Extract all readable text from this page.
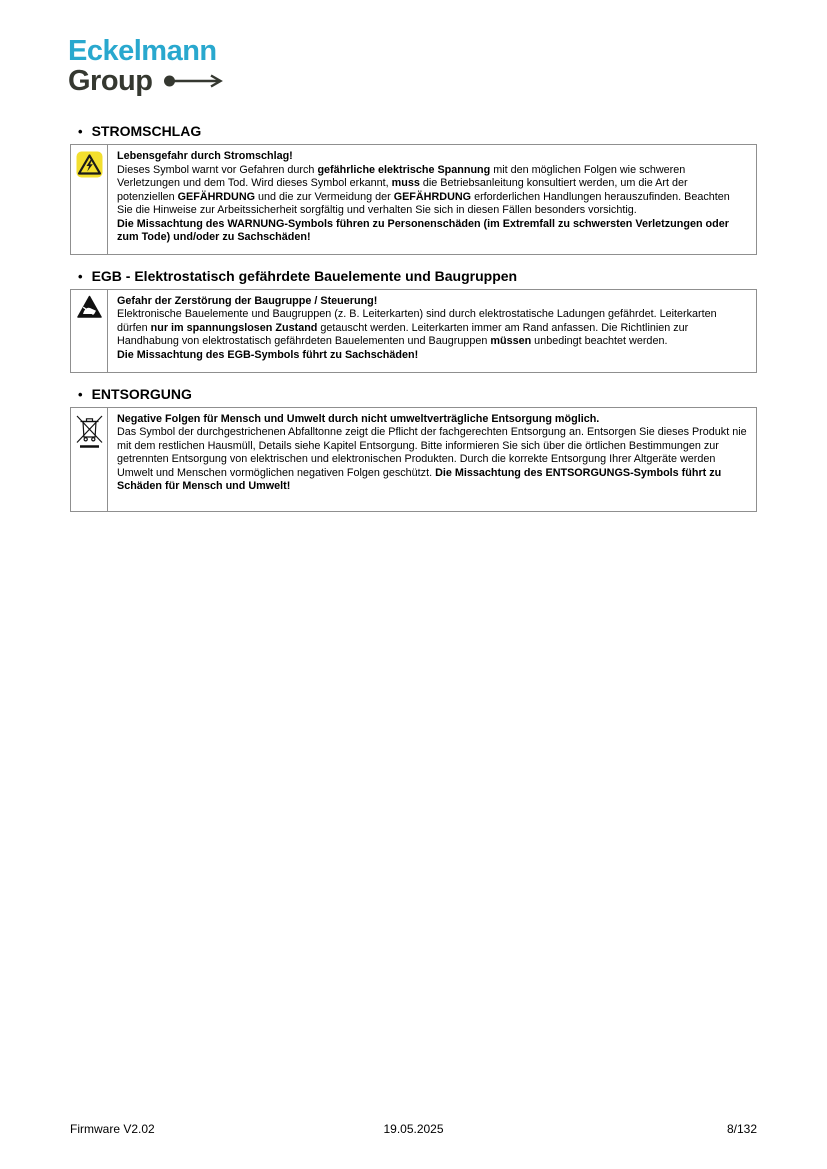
Eckelmann
Group
• STROMSCHLAG

Lebensgefahr durch Stromschlag!

Dieses Symbol warnt vor Gefahren durch gefährliche elektrische Spannung mit den möglichen Folgen wie schweren Verletzungen und dem Tod. Wird dieses Symbol erkannt, muss die Betriebsanleitung konsultiert werden, um die Art der potenziellen GEFÄHRDUNG und die zur Vermeidung der GEFÄHRDUNG erforderlichen Handlungen herauszufinden. Beachten Sie die Hinweise zur Arbeitssicherheit sorgfältig und verhalten Sie sich in diesen Fällen besonders vorsichtig.

Die Missachtung des WARNUNG-Symbols führen zu Personenschäden (im Extremfall zu schwersten Verletzungen oder zum Tode) und/oder zu Sachschäden!

• EGB - Elektrostatisch gefährdete Bauelemente und Baugruppen

Gefahr der Zerstörung der Baugruppe / Steuerung!

Elektronische Bauelemente und Baugruppen (z. B. Leiterkarten) sind durch elektrostatische Ladungen gefährdet. Leiterkarten dürfen nur im spannungslosen Zustand getauscht werden. Leiterkarten immer am Rand anfassen. Die Richtlinien zur Handhabung von elektrostatisch gefährdeten Bauelementen und Baugruppen müssen unbedingt beachtet werden.

Die Missachtung des EGB-Symbols führt zu Sachschäden!

• ENTSORGUNG

Negative Folgen für Mensch und Umwelt durch nicht umweltverträgliche Entsorgung möglich.

Das Symbol der durchgestrichenen Abfalltonne zeigt die Pflicht der fachgerechten Entsorgung an. Entsorgen Sie dieses Produkt nie mit dem restlichen Hausmüll, Details siehe Kapitel Entsorgung. Bitte informieren Sie sich über die örtlichen Bestimmungen zur getrennten Entsorgung von elektrischen und elektronischen Produkten. Durch die korrekte Entsorgung Ihrer Altgeräte werden Umwelt und Menschen vormöglichen negativen Folgen geschützt. Die Missachtung des ENTSORGUNGS-Symbols führt zu Schäden für Mensch und Umwelt!

Firmware V2.02	19.05.2025	8/132
